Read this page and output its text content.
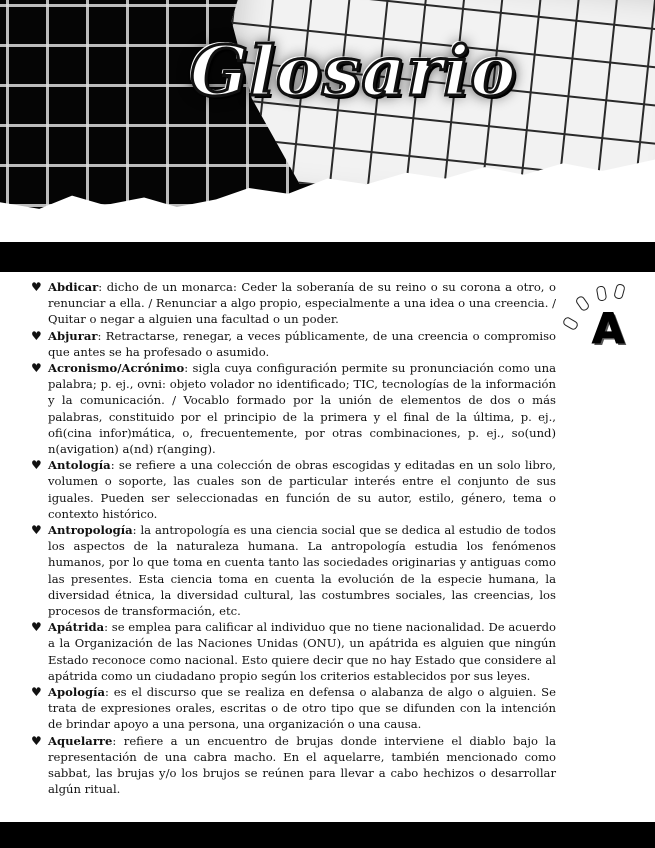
Glosario
A
♥ Abdicar: dicho de un monarca: Ceder la soberanía de su reino o su corona a otro, o renunciar a ella. / Renunciar a algo propio, especialmente a una idea o una creencia. / Quitar o negar a alguien una facultad o un poder.
♥ Abjurar: Retractarse, renegar, a veces públicamente, de una creencia o compromiso que antes se ha profesado o asumido.
♥ Acronismo/Acrónimo: sigla cuya configuración permite su pronunciación como una palabra; p. ej., ovni: objeto volador no identificado; TIC, tecnologías de la información y la comunicación. / Vocablo formado por la unión de elementos de dos o más palabras, constituido por el principio de la primera y el final de la última, p. ej., ofi(cina infor)mática, o, frecuentemente, por otras combinaciones, p. ej., so(und) n(avigation) a(nd) r(anging).
♥ Antología: se refiere a una colección de obras escogidas y editadas en un solo libro, volumen o soporte, las cuales son de particular interés entre el conjunto de sus iguales. Pueden ser seleccionadas en función de su autor, estilo, género, tema o contexto histórico.
♥ Antropología: la antropología es una ciencia social que se dedica al estudio de todos los aspectos de la naturaleza humana. La antropología estudia los fenómenos humanos, por lo que toma en cuenta tanto las sociedades originarias y antiguas como las presentes. Esta ciencia toma en cuenta la evolución de la especie humana, la diversidad étnica, la diversidad cultural, las costumbres sociales, las creencias, los procesos de transformación, etc.
♥ Apátrida: se emplea para calificar al individuo que no tiene nacionalidad. De acuerdo a la Organización de las Naciones Unidas (ONU), un apátrida es alguien que ningún Estado reconoce como nacional. Esto quiere decir que no hay Estado que considere al apátrida como un ciudadano propio según los criterios establecidos por sus leyes.
♥ Apología: es el discurso que se realiza en defensa o alabanza de algo o alguien. Se trata de expresiones orales, escritas o de otro tipo que se difunden con la intención de brindar apoyo a una persona, una organización o una causa.
♥ Aquelarre: refiere a un encuentro de brujas donde interviene el diablo bajo la representación de una cabra macho. En el aquelarre, también mencionado como sabbat, las brujas y/o los brujos se reúnen para llevar a cabo hechizos o desarrollar algún ritual.
